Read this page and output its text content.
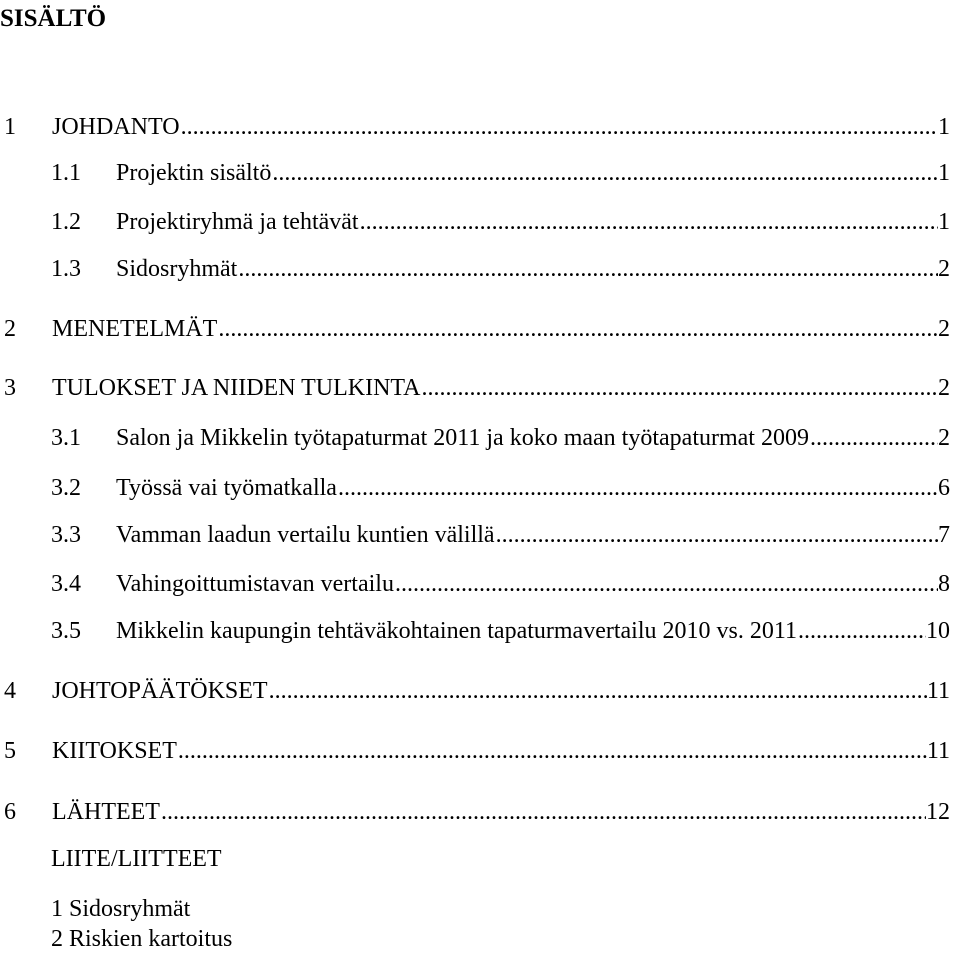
SISÄLTÖ
1	JOHDANTO .....	1
1.1	Projektin sisältö .....	1
1.2	Projektiryhmä ja tehtävät .....	1
1.3	Sidosryhmät .....	2
2	MENETELMÄT .....	2
3	TULOKSET JA NIIDEN TULKINTA .....	2
3.1	Salon ja Mikkelin työtapaturmat 2011 ja koko maan työtapaturmat 2009 .....	2
3.2	Työssä vai työmatkalla .....	6
3.3	Vamman laadun vertailu kuntien välillä .....	7
3.4	Vahingoittumistavan vertailu .....	8
3.5	Mikkelin kaupungin tehtäväkohtainen tapaturmavertailu 2010 vs. 2011 .....	10
4	JOHTOPÄÄTÖKSET .....	11
5	KIITOKSET .....	11
6	LÄHTEET .....	12
LIITE/LIITTEET
1 Sidosryhmät
2 Riskien kartoitus
